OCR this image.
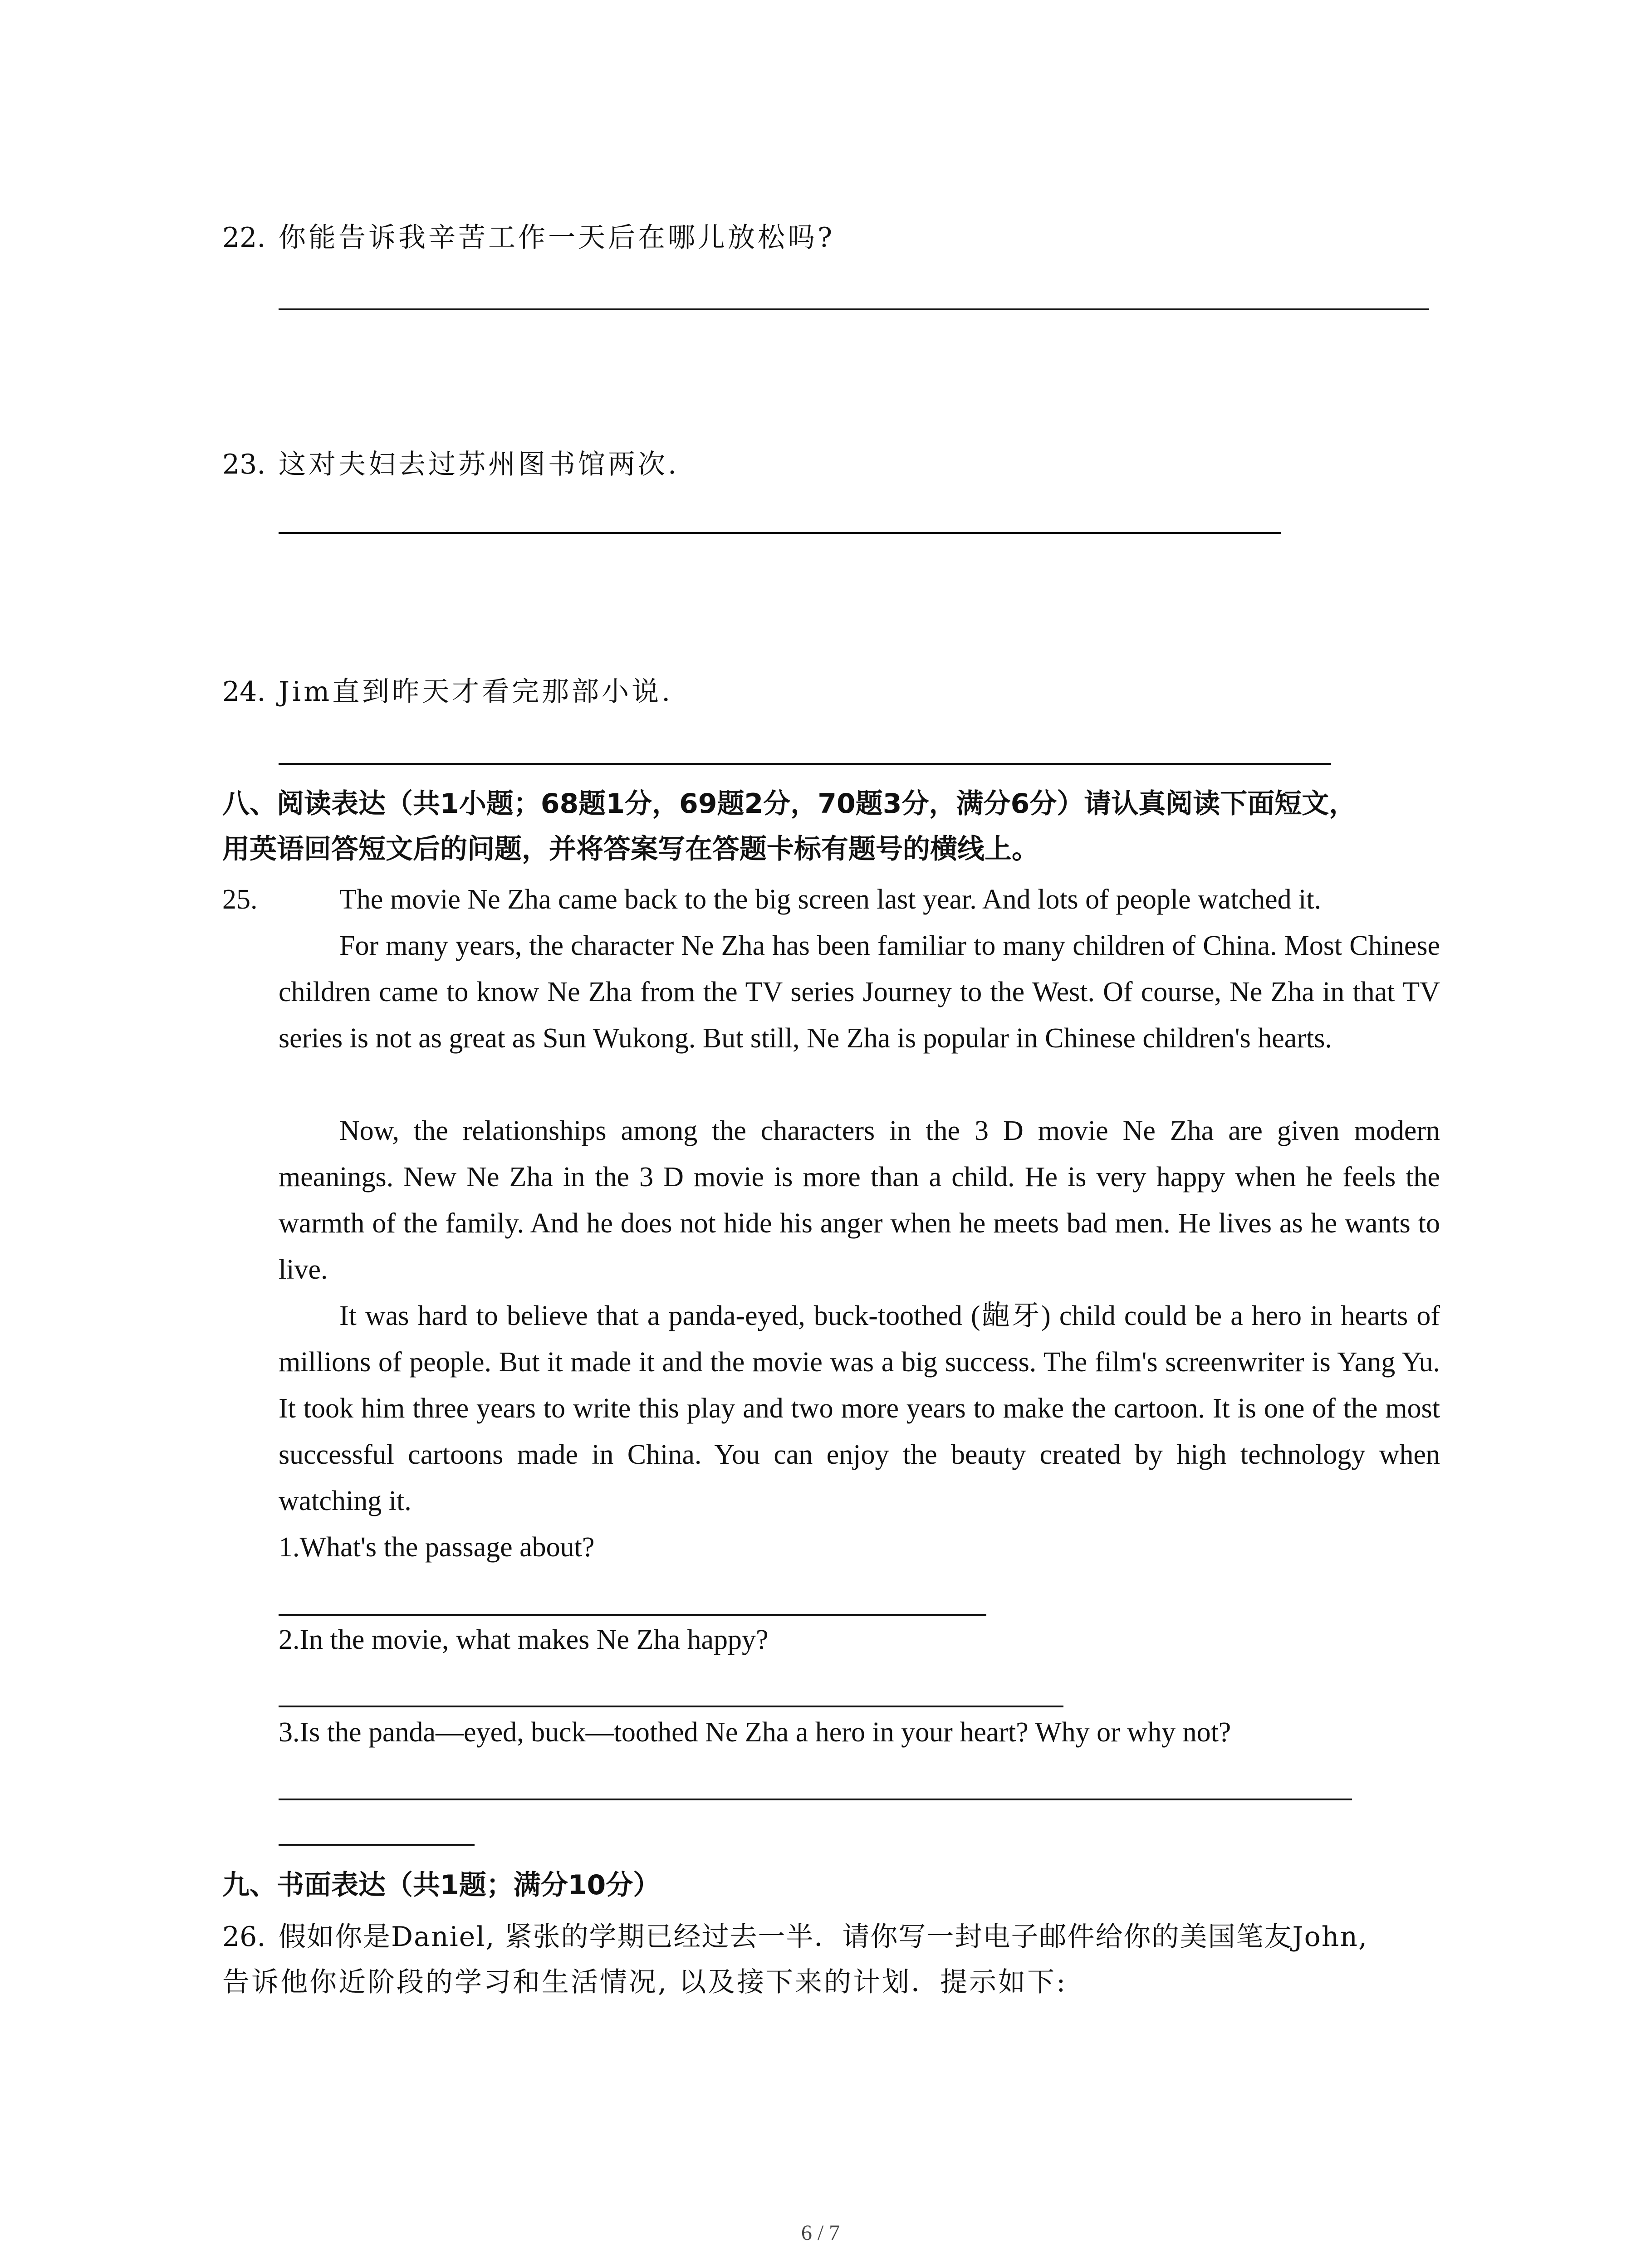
22. 你能告诉我辛苦工作一天后在哪儿放松吗?
23. 这对夫妇去过苏州图书馆两次.
24. Jim直到昨天才看完那部小说.
八、阅读表达（共1小题；68题1分，69题2分，70题3分，满分6分）请认真阅读下面短文，
用英语回答短文后的问题，并将答案写在答题卡标有题号的横线上。
25.	The movie Ne Zha came back to the big screen last year. And lots of people watched it.
For many years, the character Ne Zha has been familiar to many children of China. Most Chinese children came to know Ne Zha from the TV series Journey to the West. Of course, Ne Zha in that TV series is not as great as Sun Wukong. But still, Ne Zha is popular in Chinese children's hearts.
Now, the relationships among the characters in the 3 D movie Ne Zha are given modern meanings. New Ne Zha in the 3 D movie is more than a child. He is very happy when he feels the warmth of the family. And he does not hide his anger when he meets bad men. He lives as he wants to live.
It was hard to believe that a panda-eyed, buck-toothed (龅牙) child could be a hero in hearts of millions of people. But it made it and the movie was a big success. The film's screenwriter is Yang Yu. It took him three years to write this play and two more years to make the cartoon. It is one of the most successful cartoons made in China. You can enjoy the beauty created by high technology when watching it.
1.What's the passage about?
2.In the movie, what makes Ne Zha happy?
3.Is the panda—eyed, buck—toothed Ne Zha a hero in your heart? Why or why not?
九、书面表达（共1题；满分10分）
26. 假如你是Daniel, 紧张的学期已经过去一半．请你写一封电子邮件给你的美国笔友John,
告诉他你近阶段的学习和生活情况, 以及接下来的计划．提示如下:
6 / 7
